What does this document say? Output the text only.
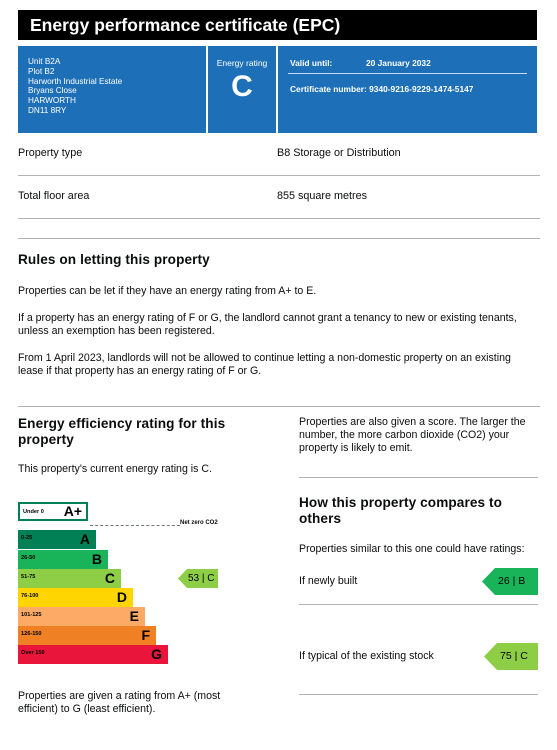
Energy performance certificate (EPC)
Unit B2A
Plot B2
Harworth Industrial Estate
Bryans Close
HARWORTH
DN11 8RY
Energy rating
C
Valid until:	20 January 2032
Certificate number: 9340-9216-9229-1474-5147
Property type	B8 Storage or Distribution
Total floor area	855 square metres
Rules on letting this property
Properties can be let if they have an energy rating from A+ to E.
If a property has an energy rating of F or G, the landlord cannot grant a tenancy to new or existing tenants,
unless an exemption has been registered.
From 1 April 2023, landlords will not be allowed to continue letting a non-domestic property on an existing
lease if that property has an energy rating of F or G.
Energy efficiency rating for this
property
This property's current energy rating is C.
Under 0 A+
Net zero CO2
0-25	A
26-50	B
51-75	C
76-100	D
101-125	E
126-150	F
Over 150	G
53 | C
Properties are given a rating from A+ (most
efficient) to G (least efficient).
Properties are also given a score. The larger the
number, the more carbon dioxide (CO2) your
property is likely to emit.
How this property compares to
others
Properties similar to this one could have ratings:
If newly built	26 | B
If typical of the existing stock	75 | C
